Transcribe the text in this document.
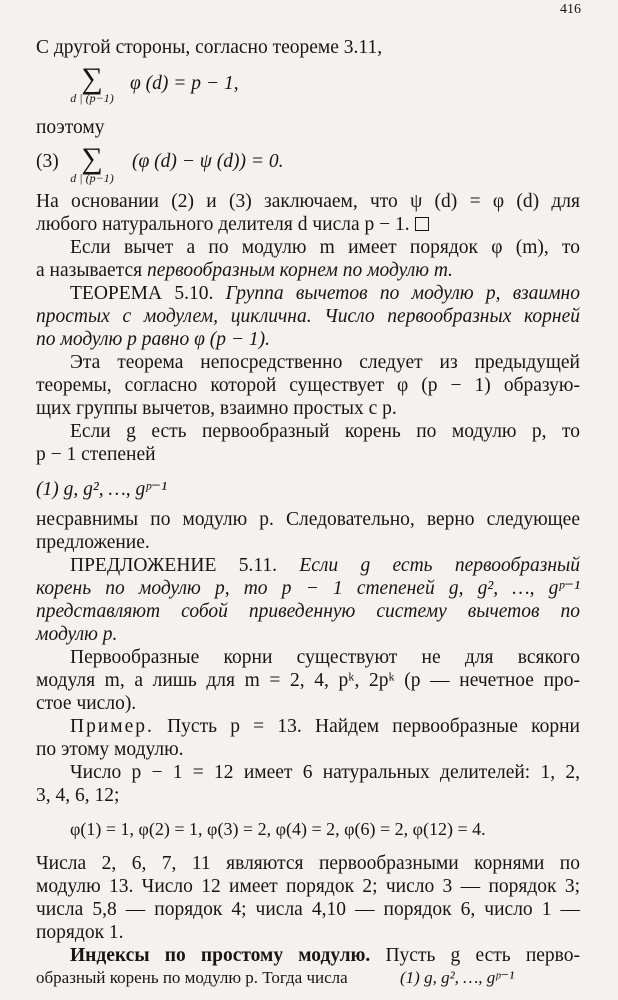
С другой стороны, согласно теореме 3.11,
∑
d | (p−1)
φ (d) = p − 1,
поэтому
(3) ∑
d | (p−1)
(φ (d) − ψ (d)) = 0.
На основании (2) и (3) заключаем, что ψ (d) = φ (d) для
любого натурального делителя d числа p − 1.
Если вычет a по модулю m имеет порядок φ (m), то
a называется первообразным корнем по модулю m.
ТЕОРЕМА 5.10. Группа вычетов по модулю p, взаимно
простых с модулем, циклична. Число первообразных корней
по модулю p равно φ (p − 1).
Эта теорема непосредственно следует из предыдущей
теоремы, согласно которой существует φ (p − 1) образую-
щих группы вычетов, взаимно простых с p.
Если g есть первообразный корень по модулю p, то
p − 1 степеней
(1) g, g², …, gᵖ⁻¹
несравнимы по модулю p. Следовательно, верно следующее
предложение.
ПРЕДЛОЖЕНИЕ 5.11. Если g есть первообразный
корень по модулю p, то p − 1 степеней g, g², …, gᵖ⁻¹
представляют собой приведенную систему вычетов по
модулю p.
Первообразные корни существуют не для всякого
модуля m, а лишь для m = 2, 4, pᵏ, 2pᵏ (p — нечетное про-
стое число).
Пример. Пусть p = 13. Найдем первообразные корни
по этому модулю.
Число p − 1 = 12 имеет 6 натуральных делителей: 1, 2,
3, 4, 6, 12;
φ(1) = 1, φ(2) = 1, φ(3) = 2, φ(4) = 2, φ(6) = 2, φ(12) = 4.
Числа 2, 6, 7, 11 являются первообразными корнями по
модулю 13. Число 12 имеет порядок 2; число 3 — порядок 3;
числа 5,8 — порядок 4; числа 4,10 — порядок 6, число 1 —
порядок 1.
Индексы по простому модулю. Пусть g есть перво-
416
образный корень по модулю p. Тогда числа	(1) g, g², …, gᵖ⁻¹
